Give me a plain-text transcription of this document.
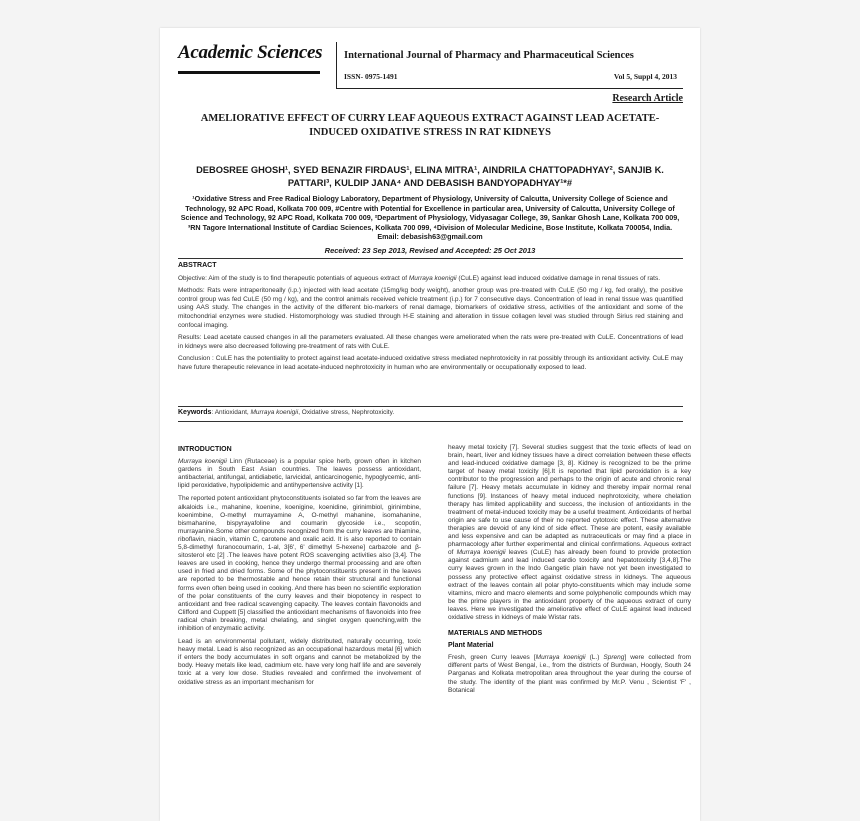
Academic Sciences International Journal of Pharmacy and Pharmaceutical Sciences
ISSN- 0975-1491	Vol 5, Suppl 4, 2013
Research Article
AMELIORATIVE EFFECT OF CURRY LEAF AQUEOUS EXTRACT AGAINST LEAD ACETATE-INDUCED OXIDATIVE STRESS IN RAT KIDNEYS
DEBOSREE GHOSH¹, SYED BENAZIR FIRDAUS¹, ELINA MITRA¹, AINDRILA CHATTOPADHYAY², SANJIB K. PATTARI³, KULDIP JANA⁴ AND DEBASISH BANDYOPADHYAY¹*#
¹Oxidative Stress and Free Radical Biology Laboratory, Department of Physiology, University of Calcutta, University College of Science and Technology, 92 APC Road, Kolkata 700 009, #Centre with Potential for Excellence in particular area, University of Calcutta, University College of Science and Technology, 92 APC Road, Kolkata 700 009, ²Department of Physiology, Vidyasagar College, 39, Sankar Ghosh Lane, Kolkata 700 009, ³RN Tagore International Institute of Cardiac Sciences, Kolkata 700 099, ⁴Division of Molecular Medicine, Bose Institute, Kolkata 700054, India. Email: debasish63@gmail.com
Received: 23 Sep 2013, Revised and Accepted: 25 Oct 2013
ABSTRACT
Objective: Aim of the study is to find therapeutic potentials of aqueous extract of Murraya koenigii (CuLE) against lead induced oxidative damage in renal tissues of rats.
Methods: Rats were intraperitoneally (i.p.) injected with lead acetate (15mg/kg body weight), another group was pre-treated with CuLE (50 mg / kg, fed orally), the positive control group was fed CuLE (50 mg / kg), and the control animals received vehicle treatment (i.p.) for 7 consecutive days. Concentration of lead in renal tissue was quantified using AAS study. The changes in the activity of the different bio-markers of renal damage, biomarkers of oxidative stress, activities of the antioxidant and some of the mitochondrial enzymes were studied. Histomorphology was studied through H-E staining and alteration in tissue collagen level was studied through Sirius red staining and confocal imaging.
Results: Lead acetate caused changes in all the parameters evaluated. All these changes were ameliorated when the rats were pre-treated with CuLE. Concentrations of lead in kidneys were also decreased following pre-treatment of rats with CuLE.
Conclusion : CuLE has the potentiality to protect against lead acetate-induced oxidative stress mediated nephrotoxicity in rat possibly through its antioxidant activity. CuLE may have future therapeutic relevance in lead acetate-induced nephrotoxicity in human who are environmentally or occupationally exposed to lead.
Keywords: Antioxidant, Murraya koenigii, Oxidative stress, Nephrotoxicity.
INTRODUCTION

Murraya koenigii Linn (Rutaceae) is a popular spice herb, grown often in kitchen gardens in South East Asian countries. The leaves possess antioxidant, antibacterial, antifungal, antidiabetic, larvicidal, anticarcinogenic, hypoglycemic, anti-lipid peroxidative, hypolipidemic and antihypertensive activity [1].

The reported potent antioxidant phytoconstituents isolated so far from the leaves are alkaloids i.e., mahanine, koenine, koenigine, koenidine, girinimbiol, girinimbine, koenimbine, O-methyl murrayamine A, O-methyl mahanine, isomahanine, bismahanine, bispyrayafoline and coumarin glycoside i.e., scopotin, murrayanine.Some other compounds recognized from the curry leaves are thiamine, riboflavin, niacin, vitamin C, carotene and oxalic acid. It is also reported to contain 5,8-dimethyl furanocoumarin, 1-al, 3[6', 6' dimethyl 5-hexene] carbazole and β-sitosterol etc [2] .The leaves have potent ROS scavenging activities also [3,4]. The leaves are used in cooking, hence they undergo thermal processing and are often used in fried and dried forms. Some of the phytoconstituents present in the leaves are reported to be thermostable and hence retain their structural and functional forms even often being used in cooking. And there has been no scientific exploration of the polar constituents of the curry leaves and their biopotency in respect to antioxidant and free radical scavenging capacity. The leaves contain flavonoids and Clifford and Cuppett [5] classified the antioxidant mechanisms of flavonoids into free radical chain breaking, metal chelating, and singlet oxygen quenching,with the inhibition of enzymatic activity.

Lead is an environmental pollutant, widely distributed, naturally occurring, toxic heavy metal. Lead is also recognized as an occupational hazardous metal [6] which if enters the body accumulates in soft organs and cannot be metabolized by the body. Heavy metals like lead, cadmium etc. have very long half life and are severely toxic at a very low dose. Studies revealed and confirmed the involvement of oxidative stress as an important mechanism for

heavy metal toxicity [7]. Several studies suggest that the toxic effects of lead on brain, heart, liver and kidney tissues have a direct correlation between these effects and lead-induced oxidative damage [3, 8]. Kidney is recognized to be the prime target of heavy metal toxicity [6].It is reported that lipid peroxidation is a key contributor to the progression and perhaps to the origin of acute and chronic renal failure [7]. Heavy metals accumulate in kidney and thereby impair normal renal functions [9]. Instances of heavy metal induced nephrotoxicity, where chelation therapy has limited applicability and success, the inclusion of antioxidants in the treatment of metal-induced toxicity may be a useful treatment. Antioxidants of herbal origin are safe to use cause of their no reported cytotoxic effect. These alternative therapies are devoid of any kind of side effect. These are potent, easily available and less expensive and can be adapted as nutraceuticals or may find a place in pharmacology after further experimental and clinical confirmations. Aqueous extract of Murraya koenigii leaves (CuLE) has already been found to provide protection against cadmium and lead induced cardio toxicity and hepatotoxicity [3,4,8].The curry leaves grown in the Indo Gangetic plain have not yet been investigated to possess any protective effect against oxidative stress in kidneys. The aqueous extract of the leaves contain all polar phyto-constituents which may include some vitamins, micro and macro elements and some polyphenolic compounds which may be the prime players in the antioxidant property of the aqueous extract of curry leaves. Here we investigated the ameliorative effect of CuLE against lead induced oxidative stress in kidneys of male Wistar rats.

MATERIALS AND METHODS
Plant Material

Fresh, green Curry leaves [Murraya koenigii (L.) Spreng] were collected from different parts of West Bengal, i.e., from the districts of Burdwan, Hoogly, South 24 Parganas and Kolkata metropolitan area throughout the year during the course of the study. The identity of the plant was confirmed by Mr.P. Venu , Scientist 'F' , Botanical
